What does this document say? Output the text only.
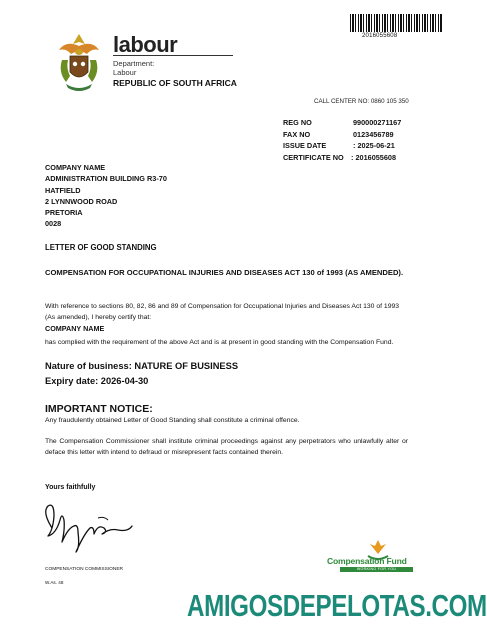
2016055608
labour
Department:
Labour
REPUBLIC OF SOUTH AFRICA
CALL CENTER NO: 0860 105 350
REG NO	990000271167
FAX NO	0123456789
ISSUE DATE	: 2025-06-21
CERTIFICATE NO	: 2016055608
COMPANY NAME
ADMINISTRATION BUILDING R3-70
HATFIELD
2 LYNNWOOD ROAD
PRETORIA
0028
LETTER OF GOOD STANDING
COMPENSATION FOR OCCUPATIONAL INJURIES AND DISEASES ACT 130 of 1993 (AS AMENDED).
With reference to sections 80, 82, 86 and 89 of Compensation for Occupational Injuries and Diseases Act 130 of 1993 (As amended), I hereby certify that:
COMPANY NAME
has complied with the requirement of the above Act and is at present in good standing with the Compensation Fund.
Nature of business: NATURE OF BUSINESS
Expiry date: 2026-04-30
IMPORTANT NOTICE:
Any fraudulently obtained Letter of Good Standing shall constitute a criminal offence.
The Compensation Commissioner shall institute criminal proceedings against any perpetrators who unlawfully alter or deface this letter with intend to defraud or misrepresent facts contained therein.
Yours faithfully
COMPENSATION COMMISSIONER
W.As. 48
Compensation Fund
WORKING FOR YOU
AMIGOSDEPELOTAS.COM
